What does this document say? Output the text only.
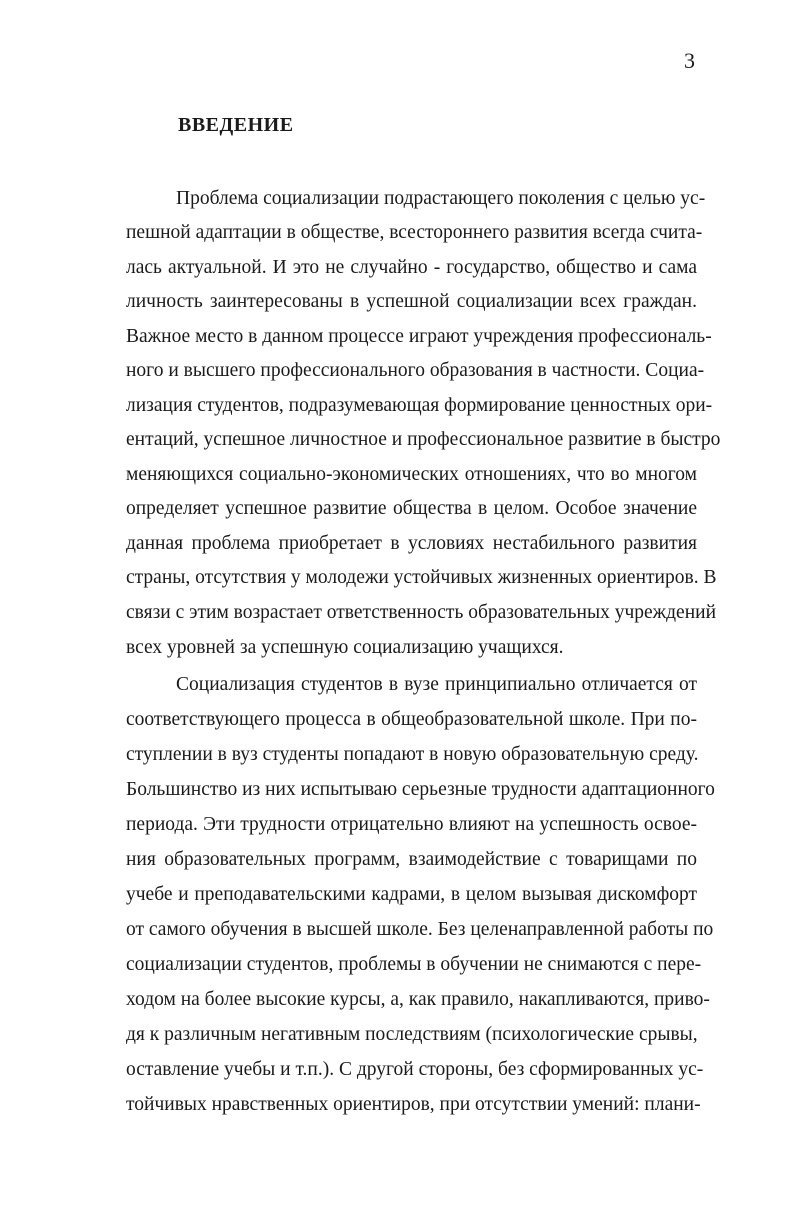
3
ВВЕДЕНИЕ
Проблема социализации подрастающего поколения с целью ус-
пешной адаптации в обществе, всестороннего развития всегда счита-
лась актуальной. И это не случайно - государство, общество и сама
личность заинтересованы в успешной социализации всех граждан.
Важное место в данном процессе играют учреждения профессиональ-
ного и высшего профессионального образования в частности. Социа-
лизация студентов, подразумевающая формирование ценностных ори-
ентаций, успешное личностное и профессиональное развитие в быстро
меняющихся социально-экономических отношениях, что во многом
определяет успешное развитие общества в целом. Особое значение
данная проблема приобретает в условиях нестабильного развития
страны, отсутствия у молодежи устойчивых жизненных ориентиров. В
связи с этим возрастает ответственность образовательных учреждений
всех уровней за успешную социализацию учащихся.
Социализация студентов в вузе принципиально отличается от
соответствующего процесса в общеобразовательной школе. При по-
ступлении в вуз студенты попадают в новую образовательную среду.
Большинство из них испытываю серьезные трудности адаптационного
периода. Эти трудности отрицательно влияют на успешность освое-
ния образовательных программ, взаимодействие с товарищами по
учебе и преподавательскими кадрами, в целом вызывая дискомфорт
от самого обучения в высшей школе. Без целенаправленной работы по
социализации студентов, проблемы в обучении не снимаются с пере-
ходом на более высокие курсы, а, как правило, накапливаются, приво-
дя к различным негативным последствиям (психологические срывы,
оставление учебы и т.п.). С другой стороны, без сформированных ус-
тойчивых нравственных ориентиров, при отсутствии умений: плани-
